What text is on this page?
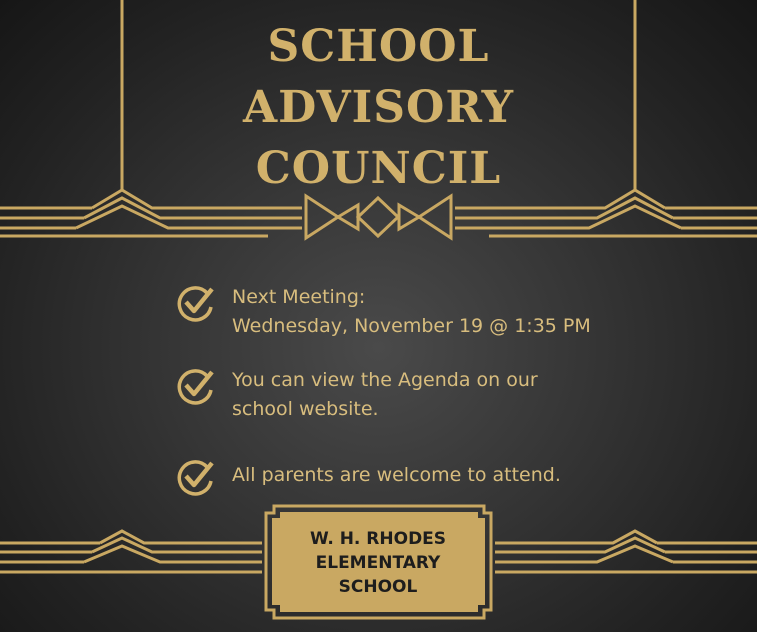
SCHOOL
ADVISORY
COUNCIL
Next Meeting:
Wednesday, November 19 @ 1:35 PM
You can view the Agenda on our
school website.
All parents are welcome to attend.
W. H. RHODES
ELEMENTARY
SCHOOL
